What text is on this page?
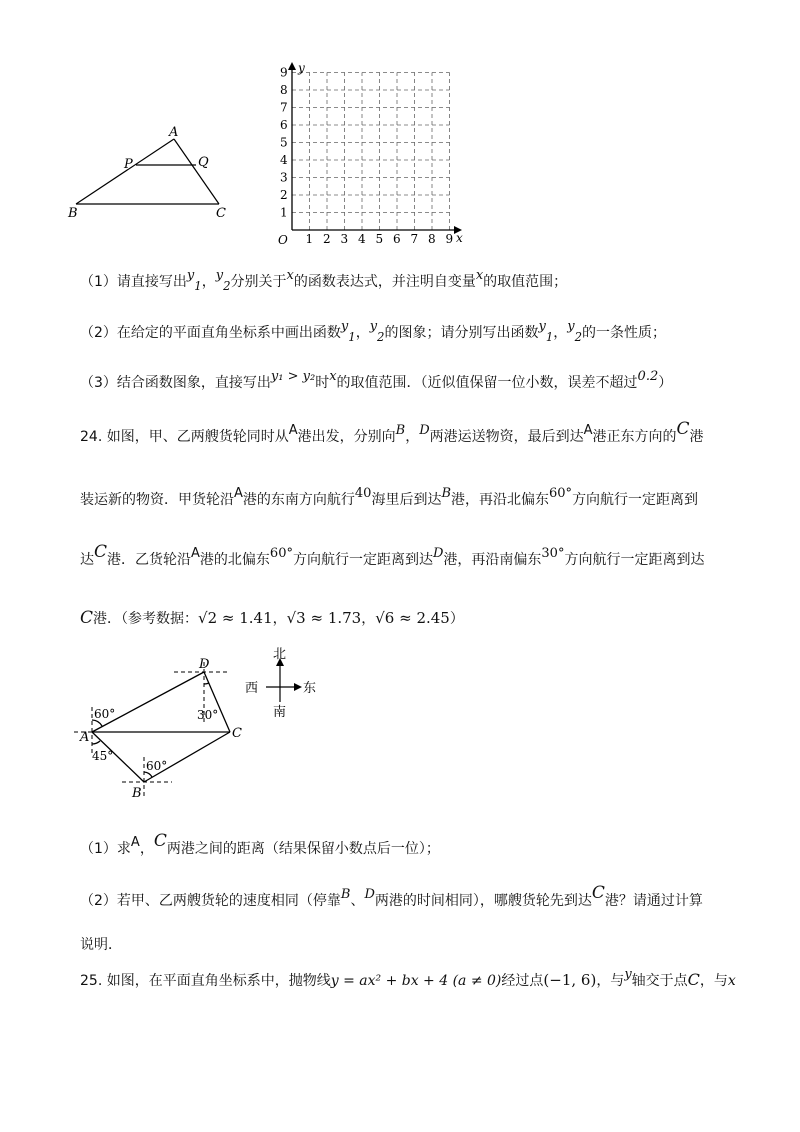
A
P	Q
B	C
y
x
O 1 2 3 4 5 6 7 8 9
1
2
3
4
5
6
7
8
9
（1）请直接写出$y_1$，$y_2$分别关于x的函数表达式，并注明自变量x的取值范围；
（2）在给定的平面直角坐标系中画出函数$y_1$，$y_2$的图象；请分别写出函数$y_1$，$y_2$的一条性质；
（3）结合函数图象，直接写出y₁ > y₂时x的取值范围．（近似值保留一位小数，误差不超过0.2）
24. 如图，甲、乙两艘货轮同时从A港出发，分别向B，D两港运送物资，最后到达A港正东方向的C港
装运新的物资．甲货轮沿A港的东南方向航行40海里后到达B港，再沿北偏东60°方向航行一定距离到
达C港．乙货轮沿A港的北偏东60°方向航行一定距离到达D港，再沿南偏东30°方向航行一定距离到达
C港．（参考数据：√2 ≈ 1.41，√3 ≈ 1.73，√6 ≈ 2.45）
60°
45°
60°
30°
D
A	C
B
北
南
东
西
（1）求A，C两港之间的距离（结果保留小数点后一位）；
（2）若甲、乙两艘货轮的速度相同（停靠B、D两港的时间相同），哪艘货轮先到达C港？请通过计算
说明．
25. 如图，在平面直角坐标系中，抛物线y = ax² + bx + 4 (a ≠ 0)经过点(−1, 6)，与y轴交于点C，与x
